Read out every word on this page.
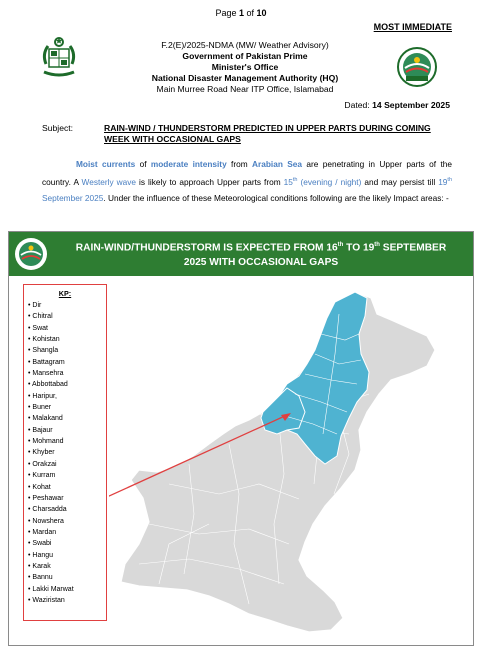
Page 1 of 10
MOST IMMEDIATE
F.2(E)/2025-NDMA (MW/ Weather Advisory)
Government of Pakistan Prime
Minister's Office
National Disaster Management Authority (HQ)
Main Murree Road Near ITP Office, Islamabad
Dated: 14 September 2025
Subject:	RAIN-WIND / THUNDERSTORM PREDICTED IN UPPER PARTS DURING COMING WEEK WITH OCCASIONAL GAPS
Moist currents of moderate intensity from Arabian Sea are penetrating in Upper parts of the country. A Westerly wave is likely to approach Upper parts from 15th (evening / night) and may persist till 19th September 2025. Under the influence of these Meteorological conditions following are the likely Impact areas: -
RAIN-WIND/THUNDERSTORM IS EXPECTED FROM 16th TO 19th SEPTEMBER
2025 WITH OCCASIONAL GAPS
KP:
• Dir
• Chitral
• Swat
• Kohistan
• Shangla
• Battagram
• Mansehra
• Abbottabad
• Haripur,
• Buner
• Malakand
• Bajaur
• Mohmand
• Khyber
• Orakzai
• Kurram
• Kohat
• Peshawar
• Charsadda
• Nowshera
• Mardan
• Swabi
• Hangu
• Karak
• Bannu
• Lakki Marwat
• Waziristan
